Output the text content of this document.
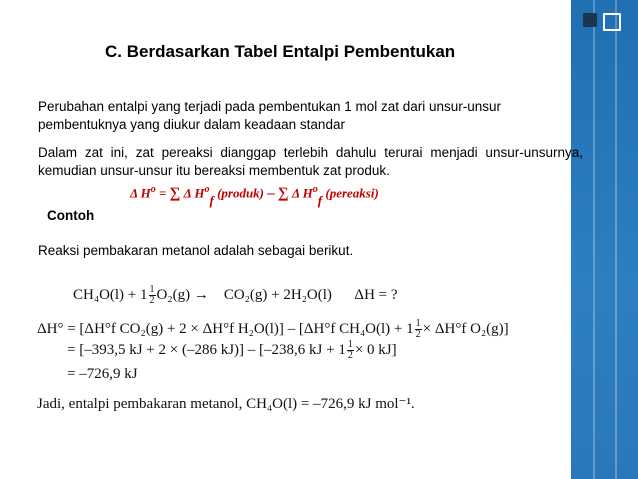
C. Berdasarkan Tabel Entalpi Pembentukan
Perubahan entalpi yang terjadi pada pembentukan 1 mol zat dari unsur-unsur pembentuknya yang diukur dalam keadaan standar
Dalam zat ini, zat pereaksi dianggap terlebih dahulu terurai menjadi unsur-unsurnya, kemudian unsur-unsur itu bereaksi membentuk zat produk.
Δ $H^o$ = ∑ Δ $H^of$ (produk) – ∑ Δ $H^of$ (pereaksi)
Contoh
Reaksi pembakaran metanol adalah sebagai berikut.
$CH_4O(l) + 1 \frac{1}{2} O_2(g) \to CO_2(g) + 2H_2O(l) \Delta H$ = ?
ΔH° = [ΔH°f CO₂(g) + 2 × ΔH°f H₂O(l)] – [ΔH°f $CH_4O(l) + 1 \frac{1}{2} \times \Delta H^\circ f$ O₂(g)]
= [–393,5 kJ + 2 × (–286 kJ)] – [–238,6 kJ + $1 \frac{1}{2} \times 0$ kJ]
= –726,9 kJ
Jadi, entalpi pembakaran metanol, CH₄O(l) = –726,9 kJ mol⁻¹.
